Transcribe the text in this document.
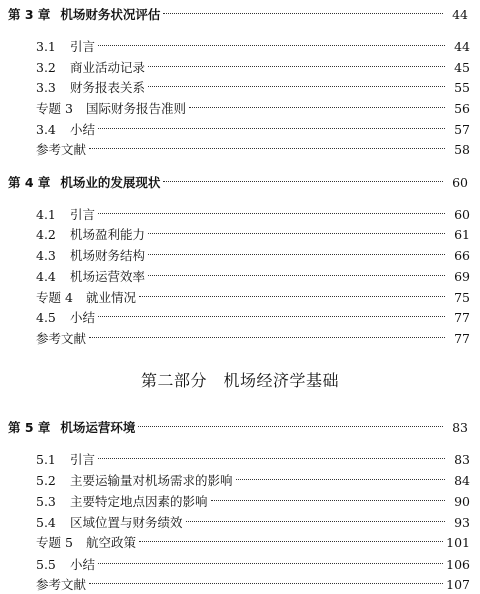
第 3 章 机场财务状况评估	44
3.1	引言	44
3.2	商业活动记录	45
3.3	财务报表关系	55
专题 3	国际财务报告准则	56
3.4	小结	57
参考文献	58
第 4 章 机场业的发展现状	60
4.1	引言	60
4.2	机场盈利能力	61
4.3	机场财务结构	66
4.4	机场运营效率	69
专题 4	就业情况	75
4.5	小结	77
参考文献	77
第二部分　机场经济学基础
第 5 章 机场运营环境	83
5.1	引言	83
5.2	主要运输量对机场需求的影响	84
5.3	主要特定地点因素的影响	90
5.4	区域位置与财务绩效	93
专题 5	航空政策	101
5.5	小结	106
参考文献	107
